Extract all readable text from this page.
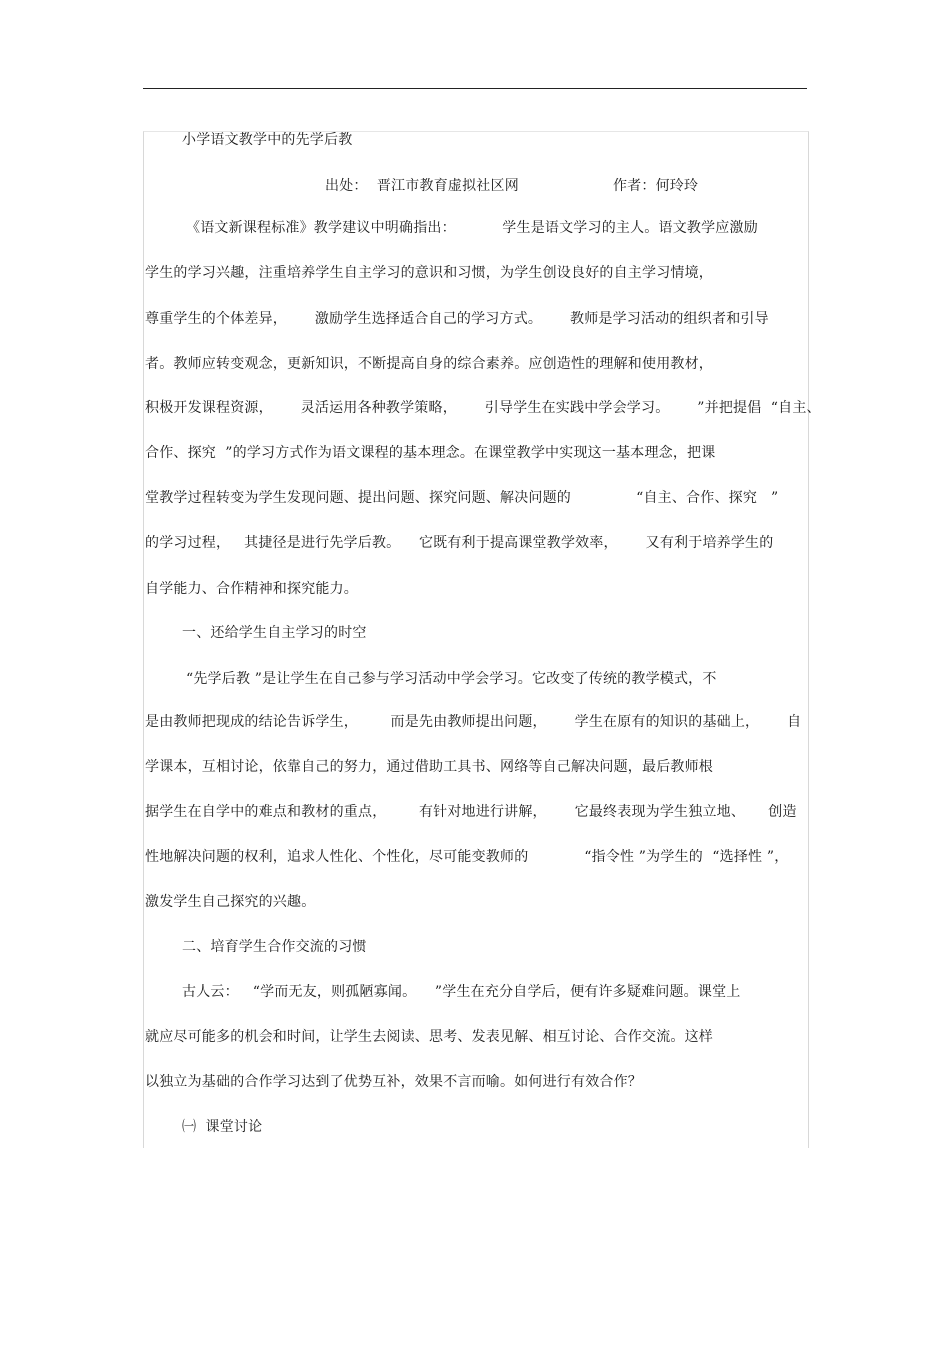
小学语文教学中的先学后教
出处：  晋江市教育虚拟社区网	作者：何玲玲
《语文新课程标准》教学建议中明确指出：          学生是语文学习的主人。语文教学应激励
学生的学习兴趣，注重培养学生自主学习的意识和习惯，为学生创设良好的自主学习情境，
尊重学生的个体差异，      激励学生选择适合自己的学习方式。      教师是学习活动的组织者和引导
者。教师应转变观念，更新知识，不断提高自身的综合素养。应创造性的理解和使用教材，
积极开发课程资源，      灵活运用各种教学策略，      引导学生在实践中学会学习。      ”并把提倡  “自主、
合作、探究  ”的学习方式作为语文课程的基本理念。在课堂教学中实现这一基本理念，把课
堂教学过程转变为学生发现问题、提出问题、探究问题、解决问题的              “自主、合作、探究   ”
的学习过程，   其捷径是进行先学后教。    它既有利于提高课堂教学效率，      又有利于培养学生的
自学能力、合作精神和探究能力。
一、还给学生自主学习的时空
“先学后教 ”是让学生在自己参与学习活动中学会学习。它改变了传统的教学模式，不
是由教师把现成的结论告诉学生，       而是先由教师提出问题，      学生在原有的知识的基础上，      自
学课本，互相讨论，依靠自己的努力，通过借助工具书、网络等自己解决问题，最后教师根
据学生在自学中的难点和教材的重点，       有针对地进行讲解，      它最终表现为学生独立地、     创造
性地解决问题的权利，追求人性化、个性化，尽可能变教师的            “指令性 ”为学生的  “选择性 ”，
激发学生自己探究的兴趣。
二、培育学生合作交流的习惯
古人云：   “学而无友，则孤陋寡闻。    ”学生在充分自学后，便有许多疑难问题。课堂上
就应尽可能多的机会和时间，让学生去阅读、思考、发表见解、相互讨论、合作交流。这样
以独立为基础的合作学习达到了优势互补，效果不言而喻。如何进行有效合作？
㈠  课堂讨论
